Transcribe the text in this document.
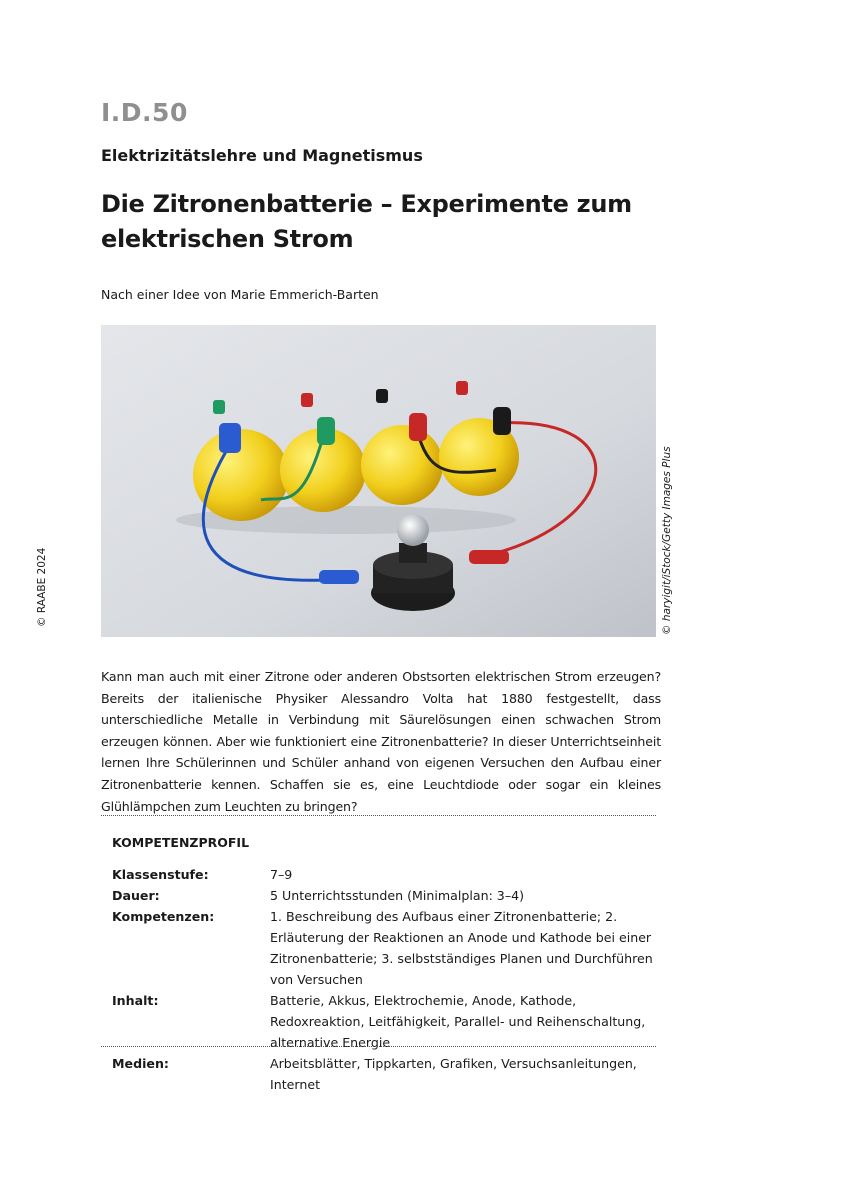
I.D.50
Elektrizitätslehre und Magnetismus
Die Zitronenbatterie – Experimente zum elektrischen Strom
Nach einer Idee von Marie Emmerich-Barten
© haryigit/iStock/Getty Images Plus
© RAABE 2024
Kann man auch mit einer Zitrone oder anderen Obstsorten elektrischen Strom erzeugen? Bereits der italienische Physiker Alessandro Volta hat 1880 festgestellt, dass unterschiedliche Metalle in Verbindung mit Säurelösungen einen schwachen Strom erzeugen können. Aber wie funktioniert eine Zitronenbatterie? In dieser Unterrichtseinheit lernen Ihre Schülerinnen und Schüler anhand von eigenen Versuchen den Aufbau einer Zitronenbatterie kennen. Schaffen sie es, eine Leuchtdiode oder sogar ein kleines Glühlämpchen zum Leuchten zu bringen?
KOMPETENZPROFIL
Klassenstufe:	7–9
Dauer:	5 Unterrichtsstunden (Minimalplan: 3–4)
Kompetenzen:	1. Beschreibung des Aufbaus einer Zitronenbatterie; 2. Erläuterung der Reaktionen an Anode und Kathode bei einer Zitronenbatterie; 3. selbstständiges Planen und Durchführen von Versuchen
Inhalt:	Batterie, Akkus, Elektrochemie, Anode, Kathode, Redoxreaktion, Leitfähigkeit, Parallel- und Reihenschaltung, alternative Energie
Medien:	Arbeitsblätter, Tippkarten, Grafiken, Versuchsanleitungen, Internet
